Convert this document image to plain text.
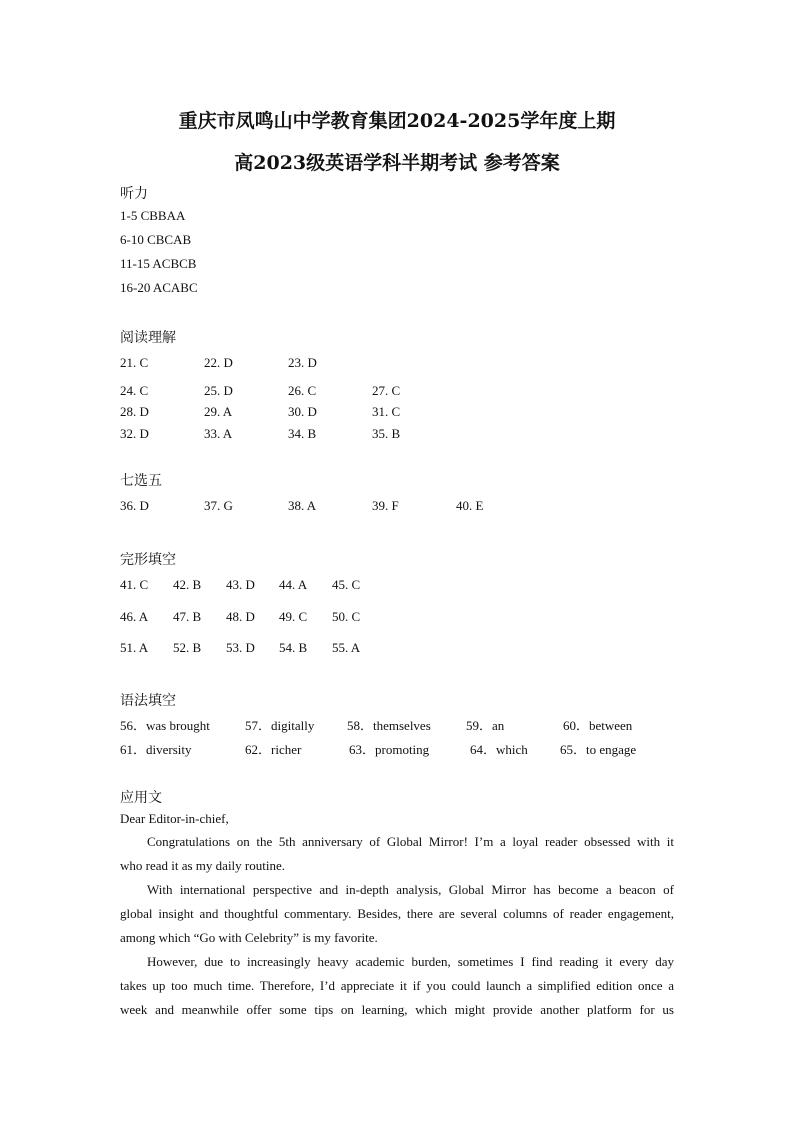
重庆市凤鸣山中学教育集团2024-2025学年度上期
高2023级英语学科半期考试 参考答案
听力
1-5 CBBAA
6-10 CBCAB
11-15 ACBCB
16-20 ACABC
阅读理解
21. C	22. D	23. D
24. C	25. D	26. C	27. C
28. D	29. A	30. D	31. C
32. D	33. A	34. B	35. B
七选五
36. D	37. G	38. A	39. F	40. E
完形填空
41. C 42. B 43. D 44. A 45. C
46. A 47. B 48. D 49. C 50. C
51. A 52. B 53. D 54. B 55. A
语法填空
56．was brought	57．digitally	58．themselves	59．an	60．between
61．diversity	62．richer	63．promoting	64．which 65．to engage
应用文
Dear Editor-in-chief,
Congratulations on the 5th anniversary of Global Mirror! I’m a loyal reader obsessed with it
who read it as my daily routine.
With international perspective and in-depth analysis, Global Mirror has become a beacon of
global insight and thoughtful commentary. Besides, there are several columns of reader engagement,
among which “Go with Celebrity” is my favorite.
However, due to increasingly heavy academic burden, sometimes I find reading it every day
takes up too much time. Therefore, I’d appreciate it if you could launch a simplified edition once a
week and meanwhile offer some tips on learning, which might provide another platform for us
